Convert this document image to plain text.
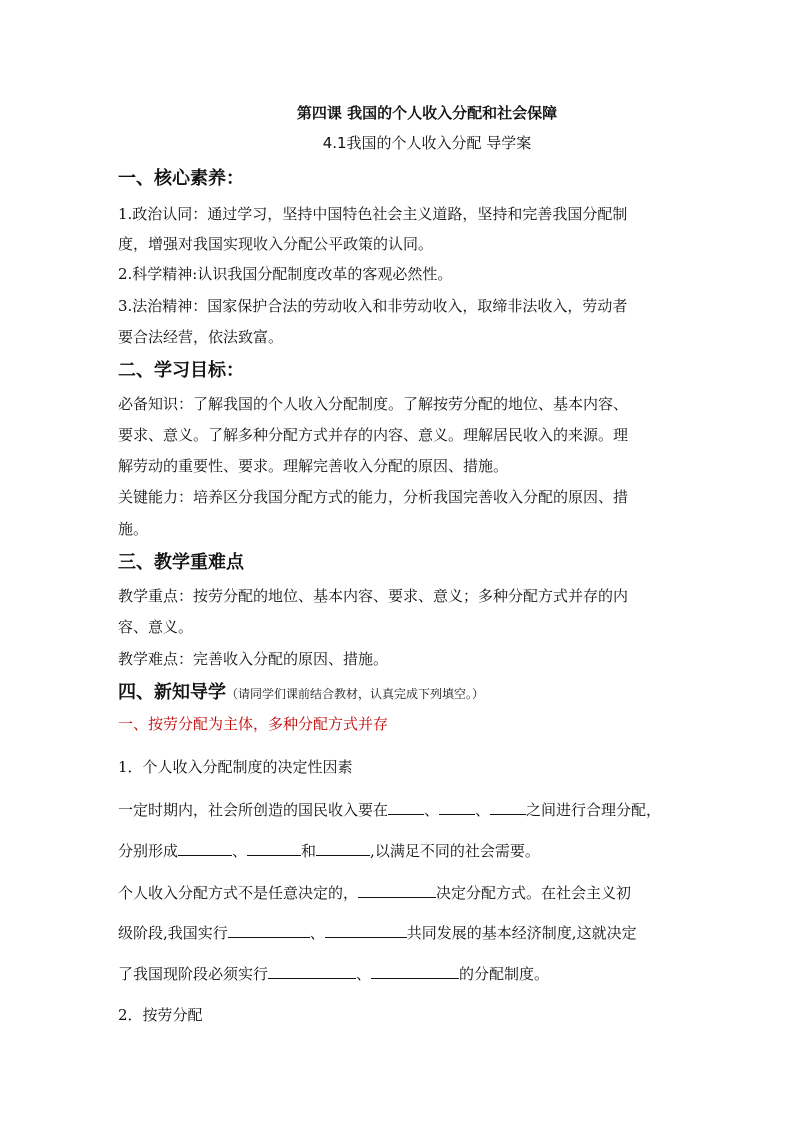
第四课 我国的个人收入分配和社会保障
4.1我国的个人收入分配 导学案
一、核心素养：
1.政治认同：通过学习，坚持中国特色社会主义道路，坚持和完善我国分配制
度，增强对我国实现收入分配公平政策的认同。
2.科学精神:认识我国分配制度改革的客观必然性。
3.法治精神：国家保护合法的劳动收入和非劳动收入，取缔非法收入，劳动者
要合法经营，依法致富。
二、学习目标：
必备知识：了解我国的个人收入分配制度。了解按劳分配的地位、基本内容、
要求、意义。了解多种分配方式并存的内容、意义。理解居民收入的来源。理
解劳动的重要性、要求。理解完善收入分配的原因、措施。
关键能力：培养区分我国分配方式的能力，分析我国完善收入分配的原因、措
施。
三、教学重难点
教学重点：按劳分配的地位、基本内容、要求、意义；多种分配方式并存的内
容、意义。
教学难点：完善收入分配的原因、措施。
四、新知导学（请同学们课前结合教材，认真完成下列填空。）
一、按劳分配为主体，多种分配方式并存
1．个人收入分配制度的决定性因素
一定时期内，社会所创造的国民收入要在 、 、 之间进行合理分配，
分别形成	、	和	,以满足不同的社会需要。
个人收入分配方式不是任意决定的，	决定分配方式。在社会主义初
级阶段,我国实行	、	共同发展的基本经济制度,这就决定
了我国现阶段必须实行	、	的分配制度。
2．按劳分配
